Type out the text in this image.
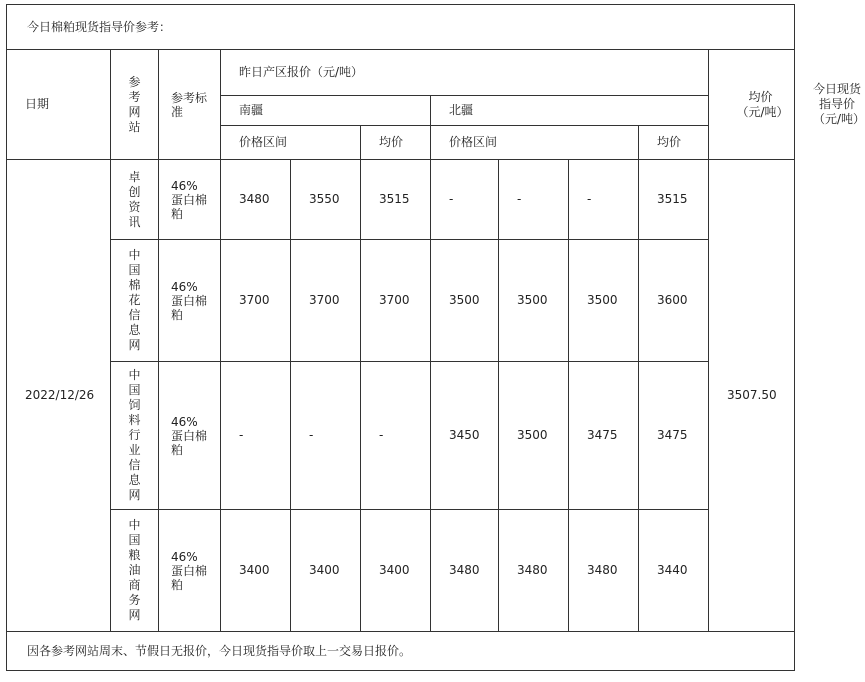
今日棉粕现货指导价参考：											
日期	参考网站	参考标准	昨日产区报价（元/吨）							均价（元/吨）	今日现货指导价（元/吨）

			南疆			北疆					
			价格区间		均价	价格区间			均价		
2022/12/26	卓创资讯	46%蛋白棉粕	3480	3550	3515	-	-	-	3515	3507.50	

	中国棉花信息网	46%蛋白棉粕	3700	3700	3700	3500	3500	3500	3600		

	中国饲料行业信息网	46%蛋白棉粕	-	-	-	3450	3500	3475	3475		

	中国粮油商务网	46%蛋白棉粕	3400	3400	3400	3480	3480	3480	3440		
因各参考网站周末、节假日无报价，今日现货指导价取上一交易日报价。											
